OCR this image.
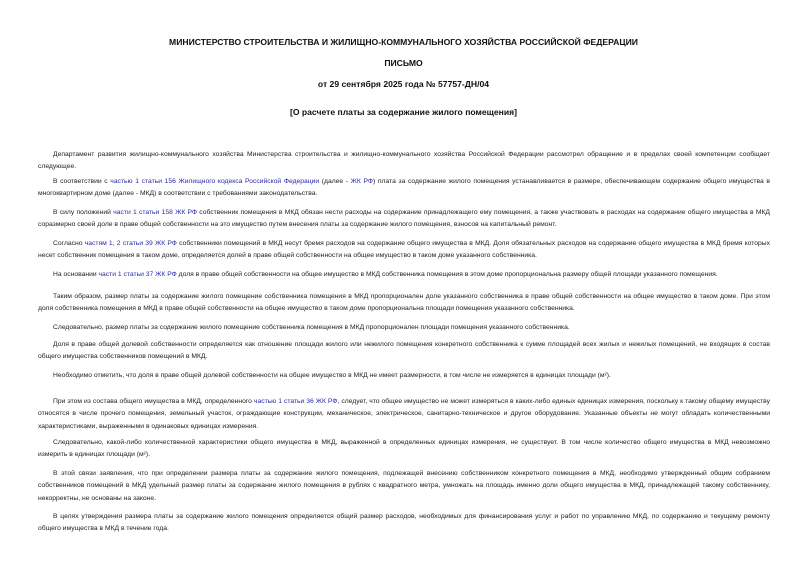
МИНИСТЕРСТВО СТРОИТЕЛЬСТВА И ЖИЛИЩНО-КОММУНАЛЬНОГО ХОЗЯЙСТВА РОССИЙСКОЙ ФЕДЕРАЦИИ
ПИСЬМО
от 29 сентября 2025 года № 57757-ДН/04
[О расчете платы за содержание жилого помещения]

Департамент развития жилищно-коммунального хозяйства Министерства строительства и жилищно-коммунального хозяйства Российской Федерации рассмотрел обращение и в пределах своей компетенции сообщает следующее.

В соответствии с частью 1 статьи 156 Жилищного кодекса Российской Федерации (далее - ЖК РФ) плата за содержание жилого помещения устанавливается в размере, обеспечивающем содержание общего имущества в многоквартирном доме (далее - МКД) в соответствии с требованиями законодательства.

В силу положений части 1 статьи 158 ЖК РФ собственник помещения в МКД обязан нести расходы на содержание принадлежащего ему помещения, а также участвовать в расходах на содержание общего имущества в МКД соразмерно своей доле в праве общей собственности на это имущество путем внесения платы за содержание жилого помещения, взносов на капитальный ремонт.

Согласно частям 1, 2 статьи 39 ЖК РФ собственники помещений в МКД несут бремя расходов на содержание общего имущества в МКД. Доля обязательных расходов на содержание общего имущества в МКД бремя которых несет собственник помещения в таком доме, определяется долей в праве общей собственности на общее имущество в таком доме указанного собственника.

На основании части 1 статьи 37 ЖК РФ доля в праве общей собственности на общее имущество в МКД собственника помещения в этом доме пропорциональна размеру общей площади указанного помещения.

Таким образом, размер платы за содержание жилого помещение собственника помещения в МКД пропорционален доле указанного собственника в праве общей собственности на общее имущество в таком доме. При этом доля собственника помещения в МКД в праве общей собственности на общее имущество в таком доме пропорциональна площади помещения указанного собственника.

Следовательно, размер платы за содержание жилого помещение собственника помещения в МКД пропорционален площади помещения указанного собственника.

Доля в праве общей долевой собственности определяется как отношение площади жилого или нежилого помещения конкретного собственника к сумме площадей всех жилых и нежилых помещений, не входящих в состав общего имущества собственников помещений в МКД.

Необходимо отметить, что доля в праве общей долевой собственности на общее имущество в МКД не имеет размерности, в том числе не измеряется в единицах площади (м²).

При этом из состава общего имущества в МКД, определенного частью 1 статьи 36 ЖК РФ, следует, что общее имущество не может измеряться в каких-либо единых единицах измерения, поскольку к такому общему имуществу относятся в числе прочего помещения, земельный участок, ограждающие конструкции, механическое, электрическое, санитарно-техническое и другое оборудование. Указанные объекты не могут обладать количественными характеристиками, выраженными в одинаковых единицах измерения.

Следовательно, какой-либо количественной характеристики общего имущества в МКД, выраженной в определенных единицах измерения, не существует. В том числе количество общего имущества в МКД невозможно измерить в единицах площади (м²).

В этой связи заявления, что при определении размера платы за содержание жилого помещения, подлежащей внесению собственником конкретного помещения в МКД, необходимо утвержденный общим собранием собственников помещений в МКД удельный размер платы за содержание жилого помещения в рублях с квадратного метра, умножать на площадь именно доли общего имущества в МКД, принадлежащей такому собственнику, некорректны, не основаны на законе.

В целях утверждения размера платы за содержание жилого помещения определяется общий размер расходов, необходимых для финансирования услуг и работ по управлению МКД, по содержанию и текущему ремонту общего имущества в МКД в течение года.
